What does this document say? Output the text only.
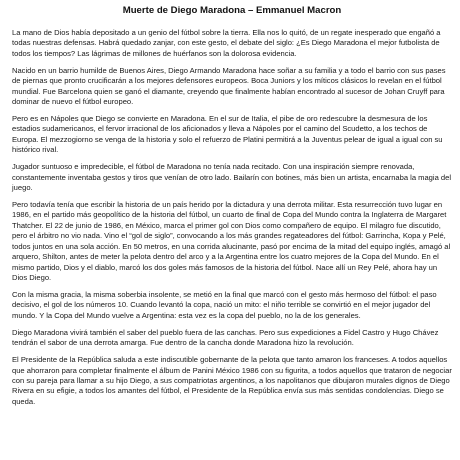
Muerte de Diego Maradona – Emmanuel Macron

La mano de Dios había depositado a un genio del fútbol sobre la tierra. Ella nos lo quitó, de un regate inesperado que engañó a todas nuestras defensas. Habrá quedado zanjar, con este gesto, el debate del siglo: ¿Es Diego Maradona el mejor futbolista de todos los tiempos? Las lágrimas de millones de huérfanos son la dolorosa evidencia.

Nacido en un barrio humilde de Buenos Aires, Diego Armando Maradona hace soñar a su familia y a todo el barrio con sus pases de piernas que pronto crucificarán a los mejores defensores europeos. Boca Juniors y los míticos clásicos lo revelan en el fútbol mundial. Fue Barcelona quien se ganó el diamante, creyendo que finalmente habían encontrado al sucesor de Johan Cruyff para dominar de nuevo el fútbol europeo.

Pero es en Nápoles que Diego se convierte en Maradona. En el sur de Italia, el pibe de oro redescubre la desmesura de los estadios sudamericanos, el fervor irracional de los aficionados y lleva a Nápoles por el camino del Scudetto, a los techos de Europa. El mezzogiorno se venga de la historia y solo el refuerzo de Platini permitirá a la Juventus pelear de igual a igual con su histórico rival.

Jugador suntuoso e impredecible, el fútbol de Maradona no tenía nada recitado. Con una inspiración siempre renovada, constantemente inventaba gestos y tiros que venían de otro lado. Bailarín con botines, más bien un artista, encarnaba la magia del juego.

Pero todavía tenía que escribir la historia de un país herido por la dictadura y una derrota militar. Esta resurrección tuvo lugar en 1986, en el partido más geopolítico de la historia del fútbol, un cuarto de final de Copa del Mundo contra la Inglaterra de Margaret Thatcher. El 22 de junio de 1986, en México, marca el primer gol con Dios como compañero de equipo. El milagro fue discutido, pero el árbitro no vio nada. Vino el “gol de siglo”, convocando a los más grandes regateadores del fútbol: Garrincha, Kopa y Pelé, todos juntos en una sola acción. En 50 metros, en una corrida alucinante, pasó por encima de la mitad del equipo inglés, amagó al arquero, Shilton, antes de meter la pelota dentro del arco y a la Argentina entre los cuatro mejores de la Copa del Mundo. En el mismo partido, Dios y el diablo, marcó los dos goles más famosos de la historia del fútbol. Nace allí un Rey Pelé, ahora hay un Dios Diego.

Con la misma gracia, la misma soberbia insolente, se metió en la final que marcó con el gesto más hermoso del fútbol: el paso decisivo, el gol de los números 10. Cuando levantó la copa, nació un mito: el niño terrible se convirtió en el mejor jugador del mundo. Y la Copa del Mundo vuelve a Argentina: esta vez es la copa del pueblo, no la de los generales.

Diego Maradona vivirá también el saber del pueblo fuera de las canchas. Pero sus expediciones a Fidel Castro y Hugo Chávez tendrán el sabor de una derrota amarga. Fue dentro de la cancha donde Maradona hizo la revolución.

El Presidente de la República saluda a este indiscutible gobernante de la pelota que tanto amaron los franceses. A todos aquellos que ahorraron para completar finalmente el álbum de Panini México 1986 con su figurita, a todos aquellos que trataron de negociar con su pareja para llamar a su hijo Diego, a sus compatriotas argentinos, a los napolitanos que dibujaron murales dignos de Diego Rivera en su efigie, a todos los amantes del fútbol, el Presidente de la República envía sus más sentidas condolencias. Diego se queda.
